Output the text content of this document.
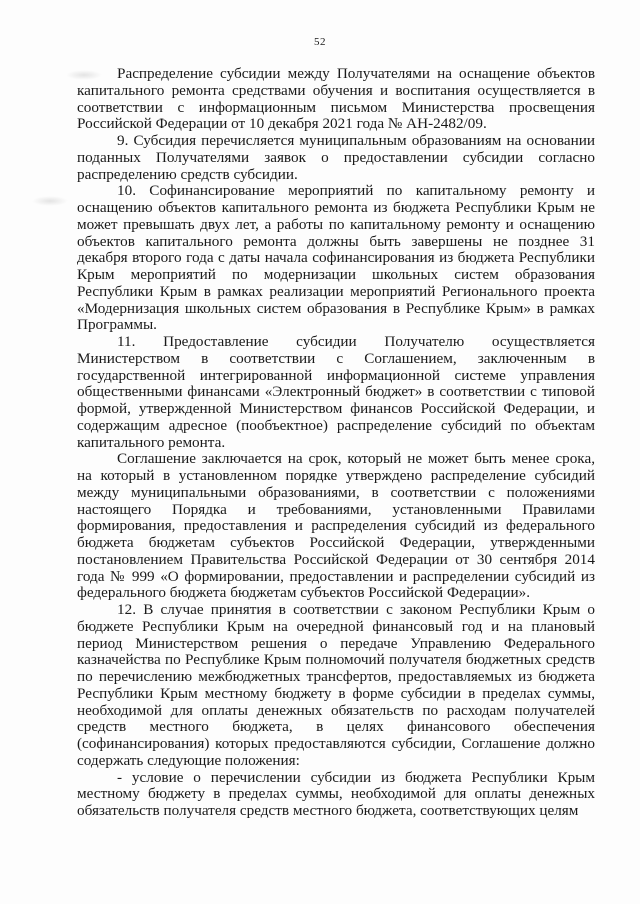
52

Распределение субсидии между Получателями на оснащение объектов капитального ремонта средствами обучения и воспитания осуществляется в соответствии с информационным письмом Министерства просвещения Российской Федерации от 10 декабря 2021 года № АН-2482/09.

9. Субсидия перечисляется муниципальным образованиям на основании поданных Получателями заявок о предоставлении субсидии согласно распределению средств субсидии.

10. Софинансирование мероприятий по капитальному ремонту и оснащению объектов капитального ремонта из бюджета Республики Крым не может превышать двух лет, а работы по капитальному ремонту и оснащению объектов капитального ремонта должны быть завершены не позднее 31 декабря второго года с даты начала софинансирования из бюджета Республики Крым мероприятий по модернизации школьных систем образования Республики Крым в рамках реализации мероприятий Регионального проекта «Модернизация школьных систем образования в Республике Крым» в рамках Программы.

11. Предоставление субсидии Получателю осуществляется Министерством в соответствии с Соглашением, заключенным в государственной интегрированной информационной системе управления общественными финансами «Электронный бюджет» в соответствии с типовой формой, утвержденной Министерством финансов Российской Федерации, и содержащим адресное (пообъектное) распределение субсидий по объектам капитального ремонта.

Соглашение заключается на срок, который не может быть менее срока, на который в установленном порядке утверждено распределение субсидий между муниципальными образованиями, в соответствии с положениями настоящего Порядка и требованиями, установленными Правилами формирования, предоставления и распределения субсидий из федерального бюджета бюджетам субъектов Российской Федерации, утвержденными постановлением Правительства Российской Федерации от 30 сентября 2014 года № 999 «О формировании, предоставлении и распределении субсидий из федерального бюджета бюджетам субъектов Российской Федерации».

12. В случае принятия в соответствии с законом Республики Крым о бюджете Республики Крым на очередной финансовый год и на плановый период Министерством решения о передаче Управлению Федерального казначейства по Республике Крым полномочий получателя бюджетных средств по перечислению межбюджетных трансфертов, предоставляемых из бюджета Республики Крым местному бюджету в форме субсидии в пределах суммы, необходимой для оплаты денежных обязательств по расходам получателей средств местного бюджета, в целях финансового обеспечения (софинансирования) которых предоставляются субсидии, Соглашение должно содержать следующие положения:

- условие о перечислении субсидии из бюджета Республики Крым местному бюджету в пределах суммы, необходимой для оплаты денежных обязательств получателя средств местного бюджета, соответствующих целям
